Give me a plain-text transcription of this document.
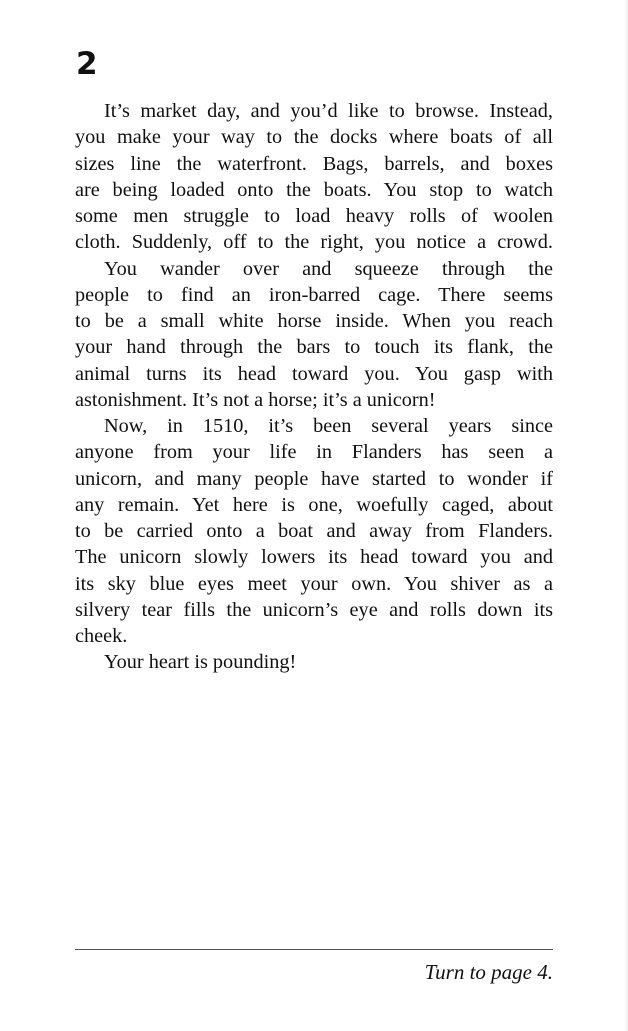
2
It’s market day, and you’d like to browse. Instead,
you make your way to the docks where boats of all
sizes line the waterfront. Bags, barrels, and boxes
are being loaded onto the boats. You stop to watch
some men struggle to load heavy rolls of woolen
cloth. Suddenly, off to the right, you notice a crowd.
You wander over and squeeze through the
people to find an iron-barred cage. There seems
to be a small white horse inside. When you reach
your hand through the bars to touch its flank, the
animal turns its head toward you. You gasp with
astonishment. It’s not a horse; it’s a unicorn!
Now, in 1510, it’s been several years since
anyone from your life in Flanders has seen a
unicorn, and many people have started to wonder if
any remain. Yet here is one, woefully caged, about
to be carried onto a boat and away from Flanders.
The unicorn slowly lowers its head toward you and
its sky blue eyes meet your own. You shiver as a
silvery tear fills the unicorn’s eye and rolls down its
cheek.
Your heart is pounding!
Turn to page 4.
